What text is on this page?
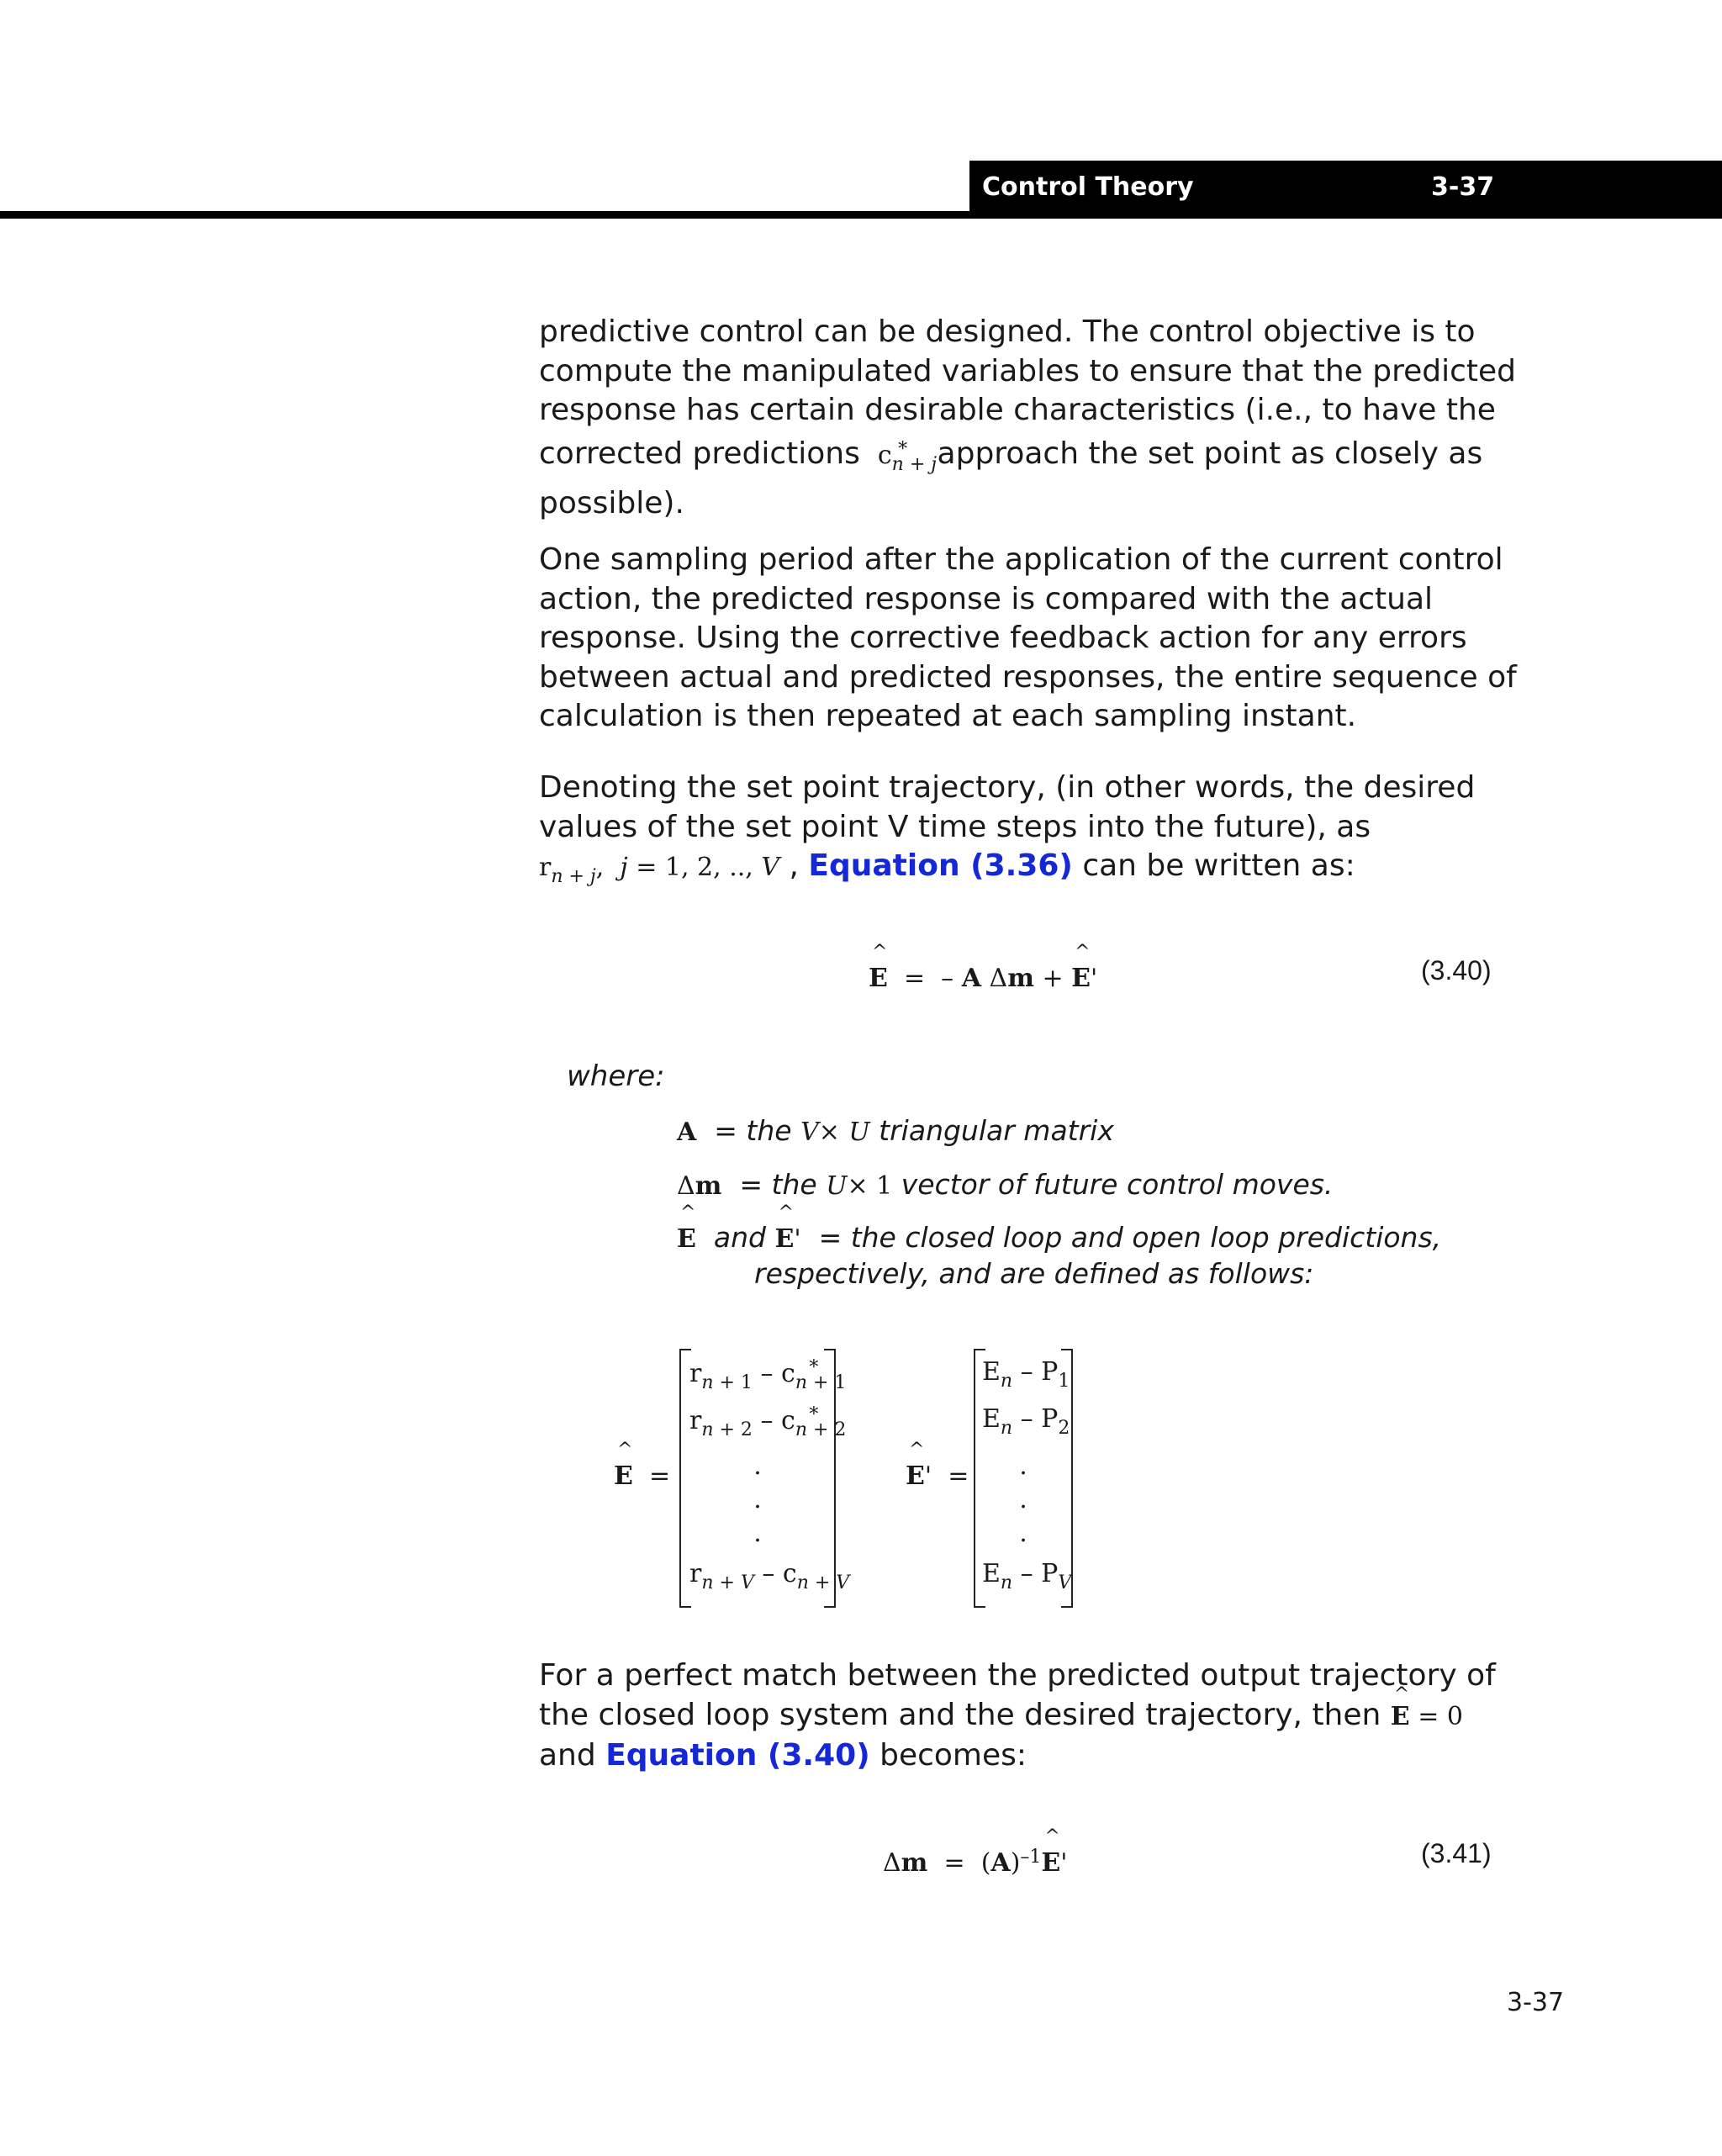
Control Theory	3-37
predictive control can be designed. The control objective is to
compute the manipulated variables to ensure that the predicted
response has certain desirable characteristics (i.e., to have the
corrected predictions  $c_{n + j}^*$ approach the set point as closely as
possible).
One sampling period after the application of the current control
action, the predicted response is compared with the actual
response. Using the corrective feedback action for any errors
between actual and predicted responses, the entire sequence of
calculation is then repeated at each sampling instant.
Denoting the set point trajectory, (in other words, the desired
values of the set point V time steps into the future), as
$r_{n + j}$,  j = 1, 2, .., V , Equation (3.36) can be written as:
^ E  =  – A Δm + ^ E'	(3.40)
where:
A = the V× U triangular matrix
Δm = the U× 1 vector of future control moves.
^ E and ^ E' = the closed loop and open loop predictions,
respectively, and are defined as follows:
^ E  =
$r_{n + 1} - c_{n + 1}^*$
$r_{n + 2} - c_{n + 2}^*$
.
.
.
$r_{n + V} - c_{n + V}$
^ E'  =
$E_n - P_1$
$E_n - P_2$
.
.
.
$E_n - P_V$
For a perfect match between the predicted output trajectory of
the closed loop system and the desired trajectory, then ^ E = 0
and Equation (3.40) becomes:
$\Delta m = (A)^{-1}\^{}$ E'	(3.41)
3-37
